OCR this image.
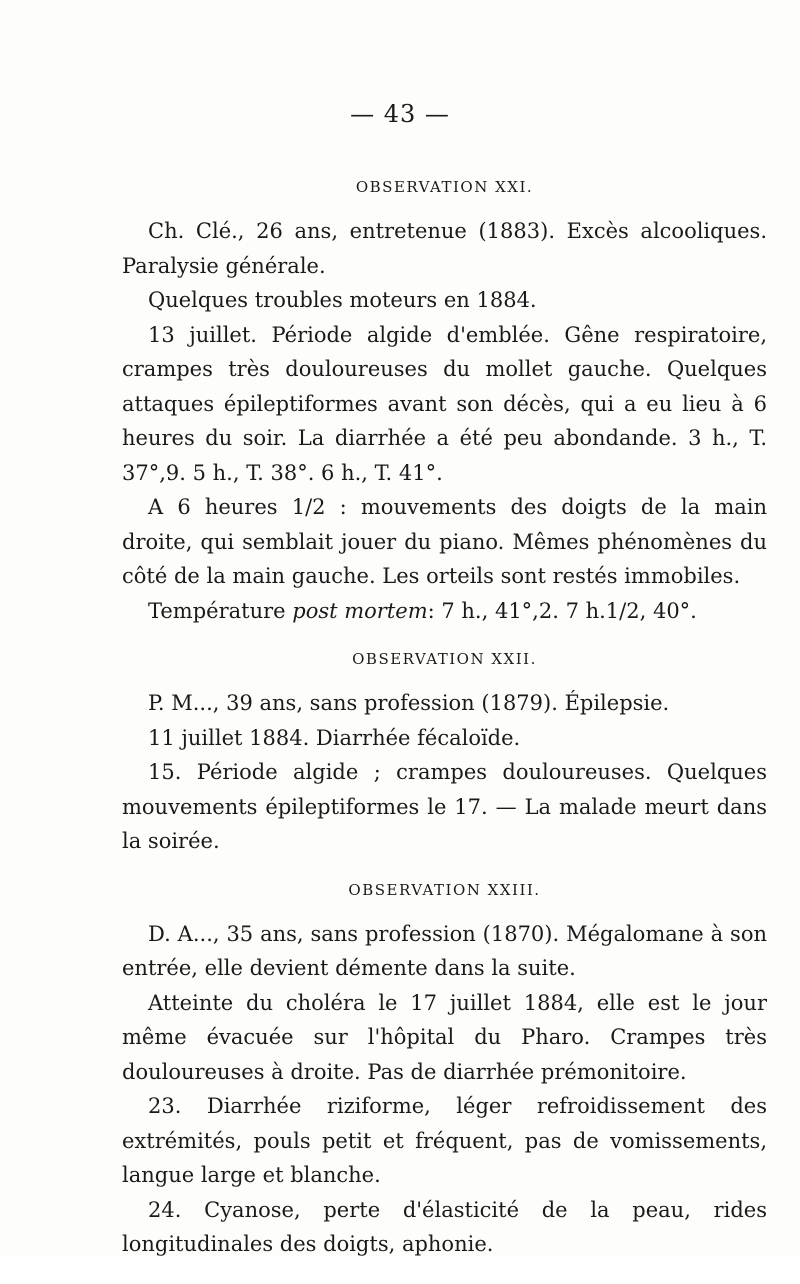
— 43 —
OBSERVATION XXI.

Ch. Clé., 26 ans, entretenue (1883). Excès alcooliques. Paralysie générale.

Quelques troubles moteurs en 1884.

13 juillet. Période algide d'emblée. Gêne respiratoire, crampes très douloureuses du mollet gauche. Quelques attaques épileptiformes avant son décès, qui a eu lieu à 6 heures du soir. La diarrhée a été peu abondande. 3 h., T. 37°,9. 5 h., T. 38°. 6 h., T. 41°.

A 6 heures 1/2 : mouvements des doigts de la main droite, qui semblait jouer du piano. Mêmes phénomènes du côté de la main gauche. Les orteils sont restés immobiles.

Température post mortem: 7 h., 41°,2. 7 h.1/2, 40°.

OBSERVATION XXII.

P. M..., 39 ans, sans profession (1879). Épilepsie.

11 juillet 1884. Diarrhée fécaloïde.

15. Période algide ; crampes douloureuses. Quelques mouvements épileptiformes le 17. — La malade meurt dans la soirée.

OBSERVATION XXIII.

D. A..., 35 ans, sans profession (1870). Mégalomane à son entrée, elle devient démente dans la suite.

Atteinte du choléra le 17 juillet 1884, elle est le jour même évacuée sur l'hôpital du Pharo. Crampes très douloureuses à droite. Pas de diarrhée prémonitoire.

23. Diarrhée riziforme, léger refroidissement des extrémités, pouls petit et fréquent, pas de vomissements, langue large et blanche.

24. Cyanose, perte d'élasticité de la peau, rides longitudinales des doigts, aphonie.
